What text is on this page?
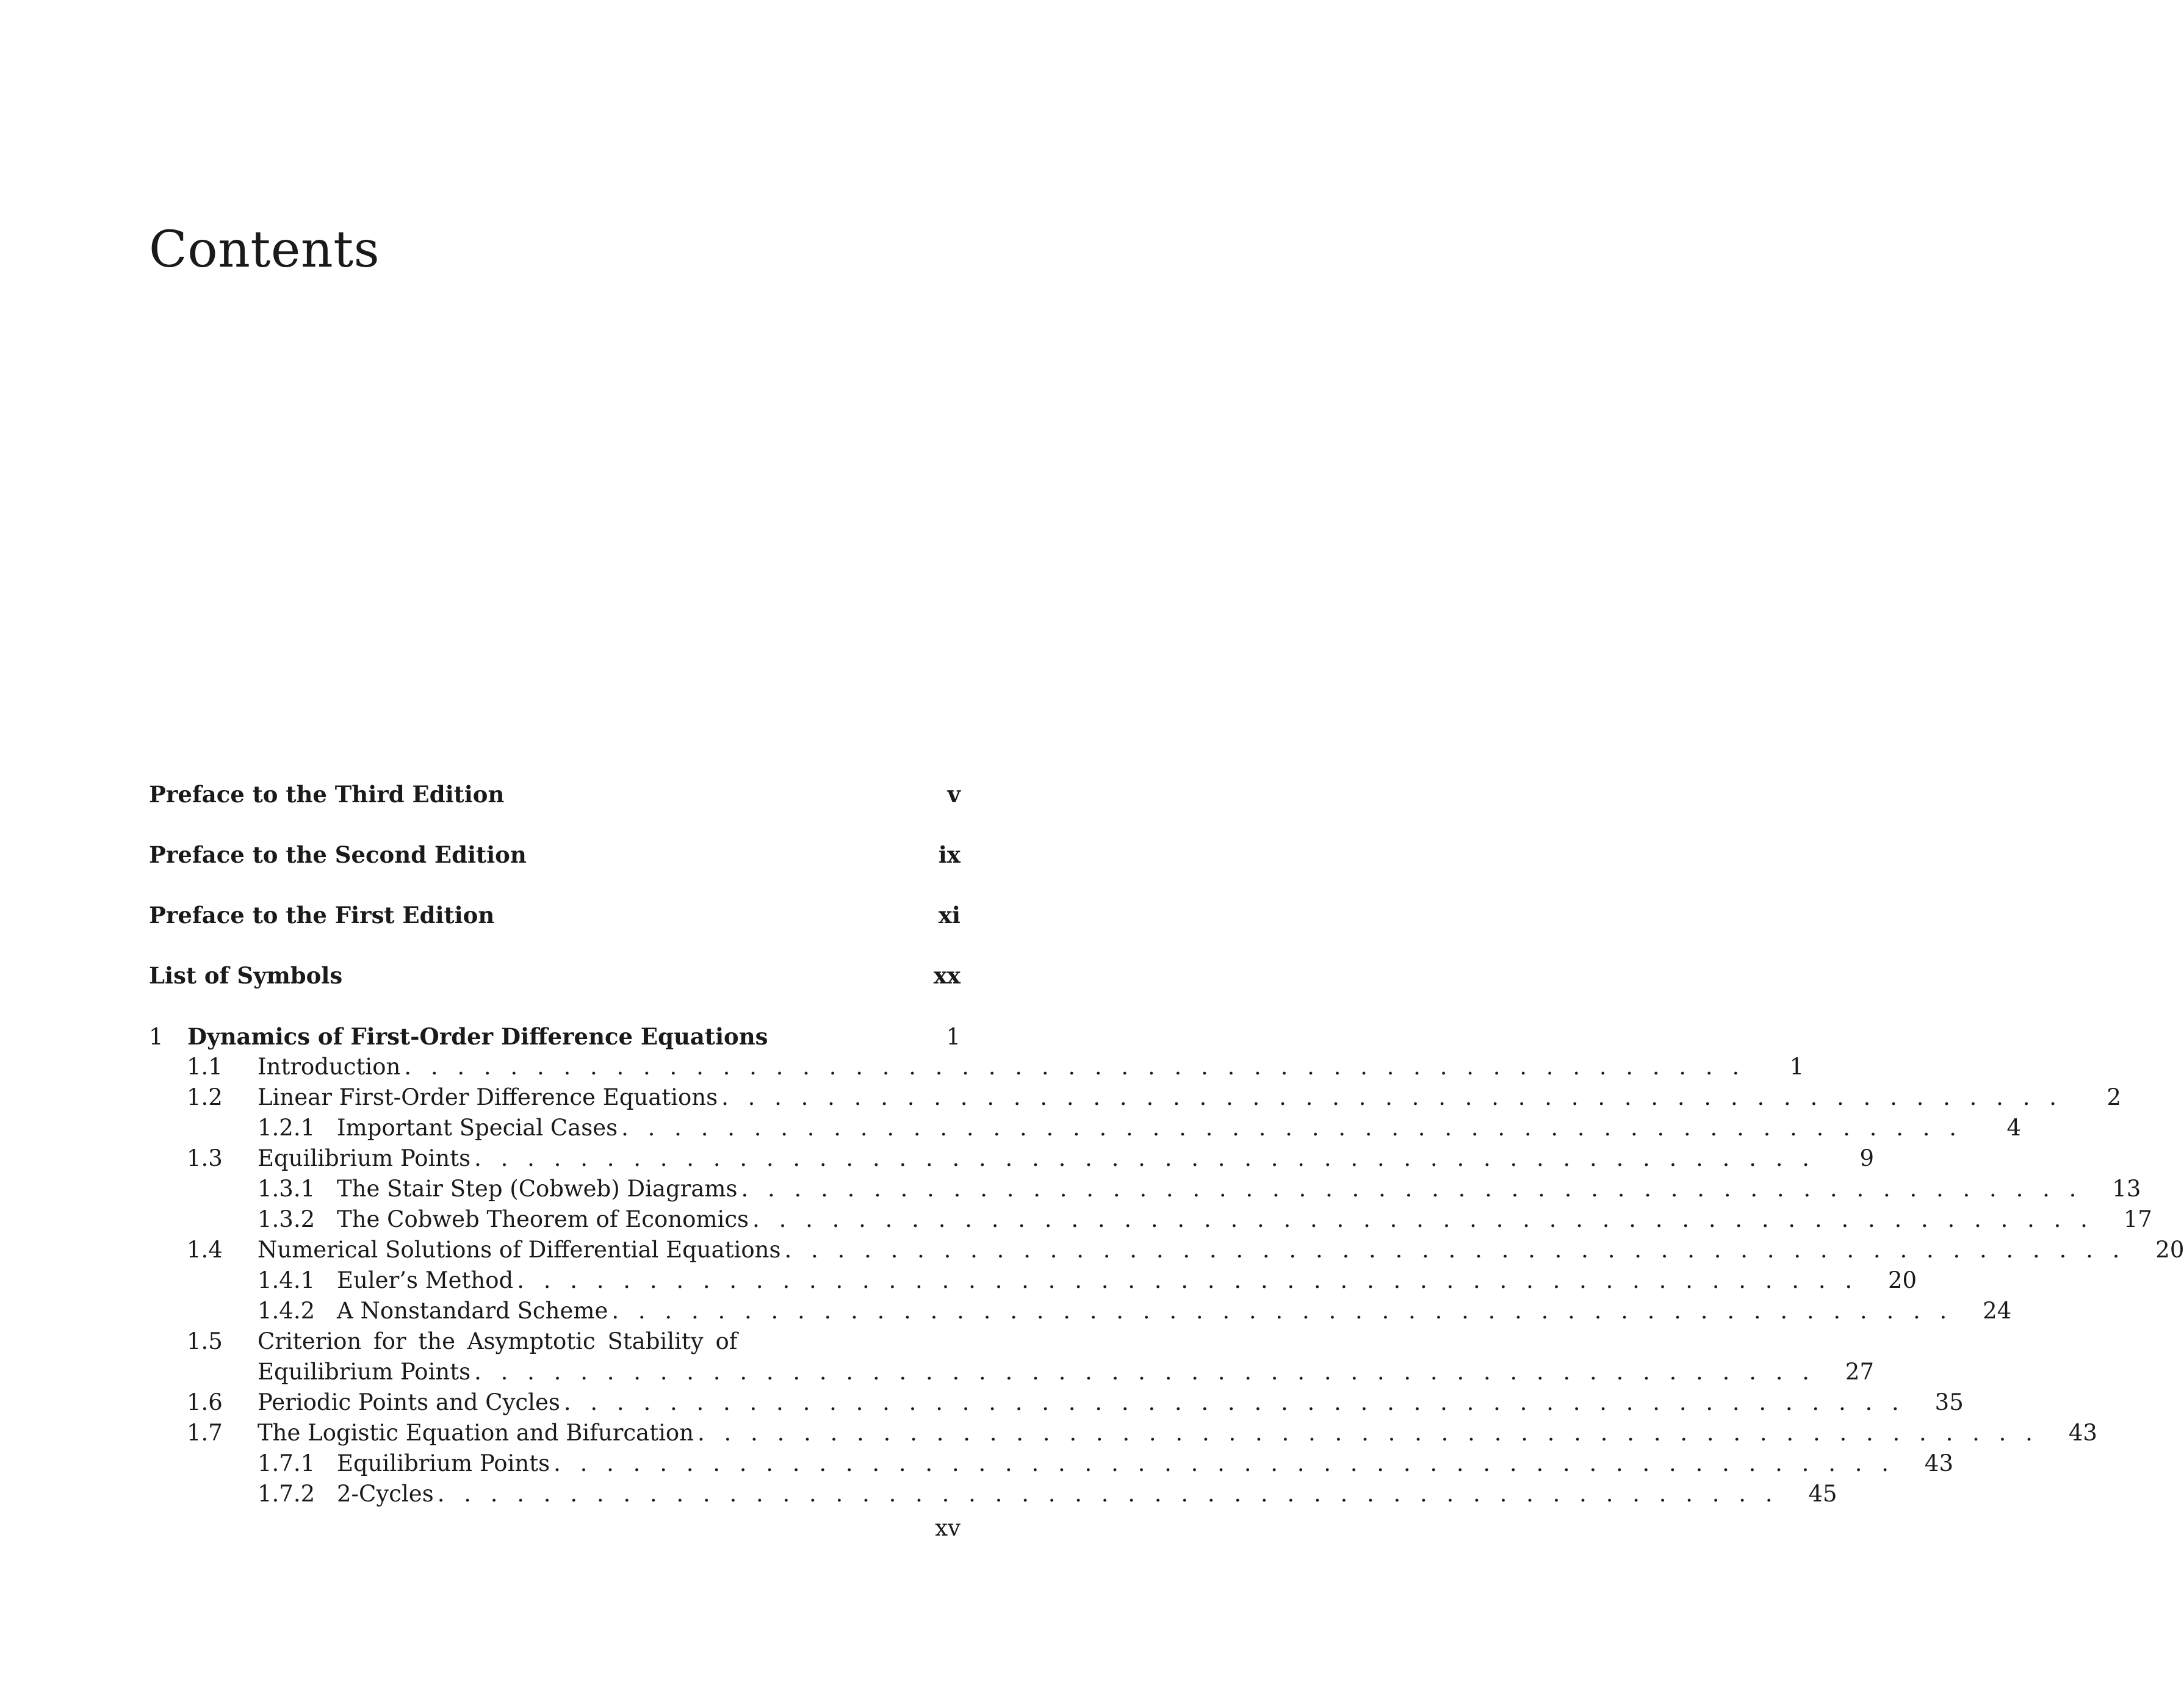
Contents
Preface to the Third Edition	v
Preface to the Second Edition	ix
Preface to the First Edition	xi
List of Symbols	xx
1	Dynamics of First-Order Difference Equations	1
1.1	Introduction . . . . . . . . . . . . . . . . . . . . . . . . . . . . . . . . . . . . . . . . . . . . . . . . . . .	1
1.2	Linear First-Order Difference Equations . . . . . . . . . . . . . . . . . . . . . . . . . . . . . . . . . . . . . . . . . . . . . . . . . . .	2
1.2.1 Important Special Cases . . . . . . . . . . . . . . . . . . . . . . . . . . . . . . . . . . . . . . . . . . . . . . . . . . .	4
1.3	Equilibrium Points . . . . . . . . . . . . . . . . . . . . . . . . . . . . . . . . . . . . . . . . . . . . . . . . . . .	9
1.3.1 The Stair Step (Cobweb) Diagrams . . . . . . . . . . . . . . . . . . . . . . . . . . . . . . . . . . . . . . . . . . . . . . . . . . .	13
1.3.2 The Cobweb Theorem of Economics . . . . . . . . . . . . . . . . . . . . . . . . . . . . . . . . . . . . . . . . . . . . . . . . . . .	17
1.4	Numerical Solutions of Differential Equations . . . . . . . . . . . . . . . . . . . . . . . . . . . . . . . . . . . . . . . . . . . . . . . . . . .	20
1.4.1 Euler’s Method . . . . . . . . . . . . . . . . . . . . . . . . . . . . . . . . . . . . . . . . . . . . . . . . . . .	20
1.4.2 A Nonstandard Scheme . . . . . . . . . . . . . . . . . . . . . . . . . . . . . . . . . . . . . . . . . . . . . . . . . . .	24
1.5	Criterion for the Asymptotic Stability of
Equilibrium Points . . . . . . . . . . . . . . . . . . . . . . . . . . . . . . . . . . . . . . . . . . . . . . . . . . .	27
1.6	Periodic Points and Cycles . . . . . . . . . . . . . . . . . . . . . . . . . . . . . . . . . . . . . . . . . . . . . . . . . . .	35
1.7	The Logistic Equation and Bifurcation . . . . . . . . . . . . . . . . . . . . . . . . . . . . . . . . . . . . . . . . . . . . . . . . . . .	43
1.7.1 Equilibrium Points . . . . . . . . . . . . . . . . . . . . . . . . . . . . . . . . . . . . . . . . . . . . . . . . . . .	43
1.7.2 2-Cycles . . . . . . . . . . . . . . . . . . . . . . . . . . . . . . . . . . . . . . . . . . . . . . . . . . .	45
xv
